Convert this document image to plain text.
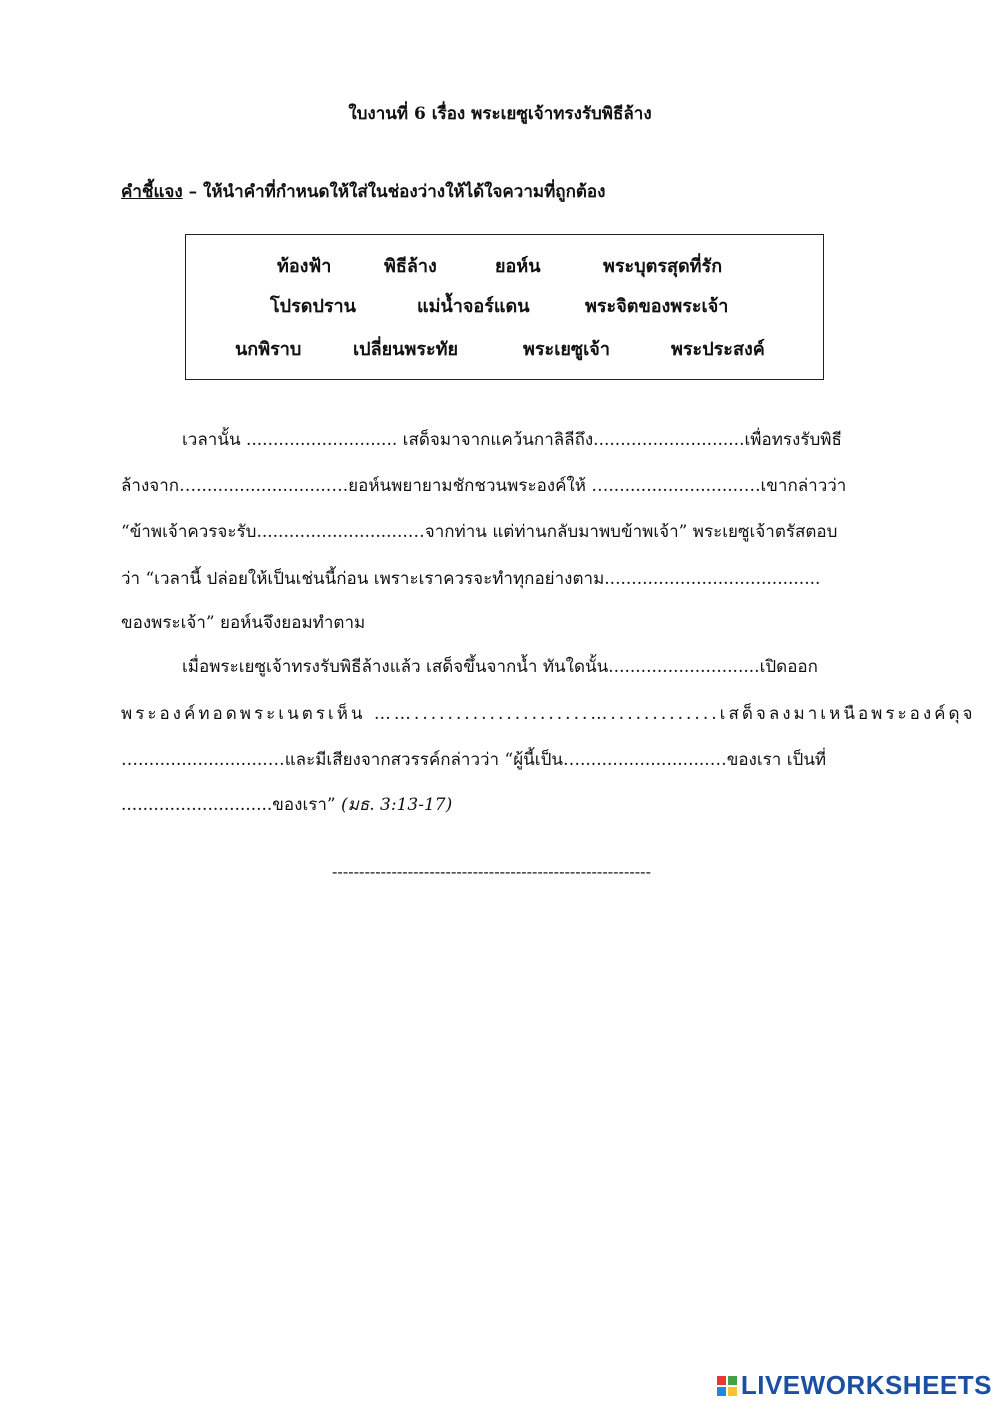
ใบงานที่ 6 เรื่อง พระเยซูเจ้าทรงรับพิธีล้าง
คำชี้แจง – ให้นำคำที่กำหนดให้ใส่ในช่องว่างให้ได้ใจความที่ถูกต้อง
ท้องฟ้า	พิธีล้าง	ยอห์น	พระบุตรสุดที่รัก
โปรดปราน	แม่น้ำจอร์แดน	พระจิตของพระเจ้า
นกพิราบ	เปลี่ยนพระทัย	พระเยซูเจ้า	พระประสงค์
เวลานั้น ............................ เสด็จมาจากแคว้นกาลิลีถึง............................เพื่อทรงรับพิธี
ล้างจาก…........................….ยอห์นพยายามชักชวนพระองค์ให้ …........................….เขากล่าวว่า
“ข้าพเจ้าควรจะรับ............................…จากท่าน แต่ท่านกลับมาพบข้าพเจ้า” พระเยซูเจ้าตรัสตอบ
ว่า “เวลานี้ ปล่อยให้เป็นเช่นนี้ก่อน เพราะเราควรจะทำทุกอย่างตาม........................................
ของพระเจ้า” ยอห์นจึงยอมทำตาม
เมื่อพระเยซูเจ้าทรงรับพิธีล้างแล้ว เสด็จขึ้นจากน้ำ ทันใดนั้น............................เปิดออก
พระองค์ทอดพระเนตรเห็น …….....................….............เสด็จลงมาเหนือพระองค์ดุจ
…........................…และมีเสียงจากสวรรค์กล่าวว่า “ผู้นี้เป็น…........................…ของเรา เป็นที่
............................ของเรา” (มธ. 3:13-17)
-----------------------------------------------------------
LIVEWORKSHEETS
